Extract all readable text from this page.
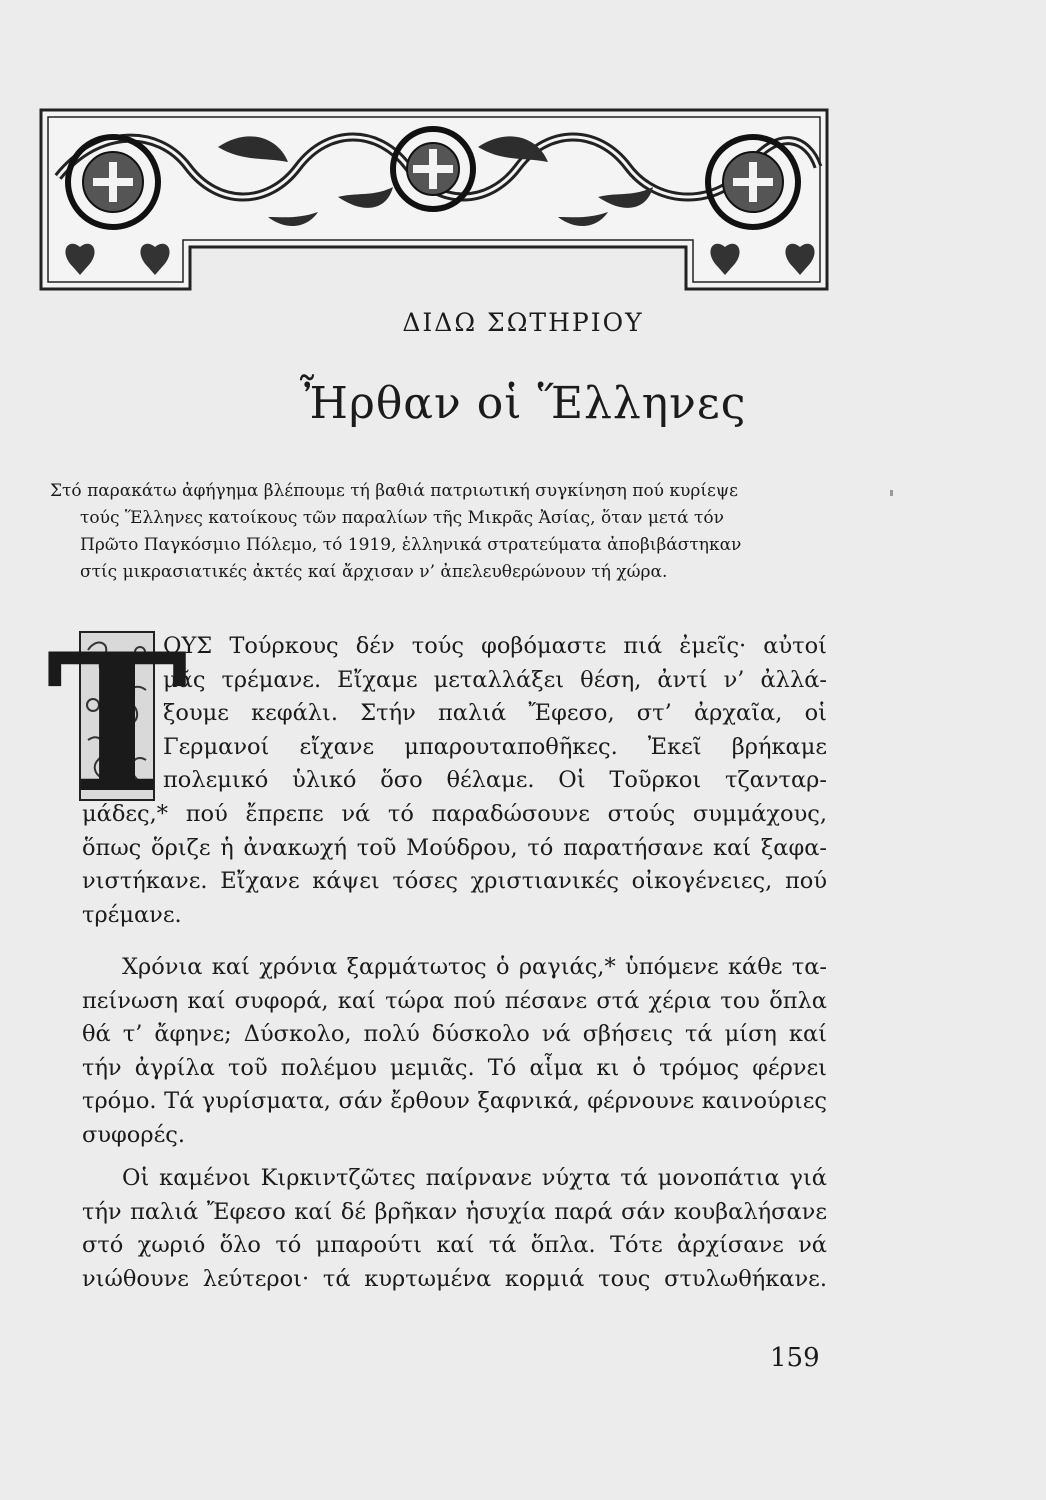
ΔΙΔΩ ΣΩΤΗΡΙΟΥ
Ἦρθαν οἱ Ἕλληνες
Στό παρακάτω ἀφήγημα βλέπουμε τή βαθιά πατριωτική συγκίνηση πού κυρίεψε
τούς Ἕλληνες κατοίκους τῶν παραλίων τῆς Μικρᾶς Ἀσίας, ὅταν μετά τόν
Πρῶτο Παγκόσμιο Πόλεμο, τό 1919, ἑλληνικά στρατεύματα ἀποβιβάστηκαν
στίς μικρασιατικές ἀκτές καί ἄρχισαν ν’ ἀπελευθερώνουν τή χώρα.
Τ
ΟΥΣ Τούρκους δέν τούς φοβόμαστε πιά ἐμεῖς· αὐτοί
μᾶς τρέμανε. Εἴχαμε μεταλλάξει θέση, ἀντί ν’ ἀλλά-
ξουμε κεφάλι. Στήν παλιά Ἔφεσο, στ’ ἀρχαῖα, οἱ
Γερμανοί εἴχανε μπαρουταποθῆκες. Ἐκεῖ βρήκαμε
πολεμικό ὑλικό ὅσο θέλαμε. Οἱ Τοῦρκοι τζανταρ-
μάδες,* πού ἔπρεπε νά τό παραδώσουνε στούς συμμάχους,
ὅπως ὅριζε ἡ ἀνακωχή τοῦ Μούδρου, τό παρατήσανε καί ξαφα-
νιστήκανε. Εἴχανε κάψει τόσες χριστιανικές οἰκογένειες, πού
τρέμανε.
Χρόνια καί χρόνια ξαρμάτωτος ὁ ραγιάς,* ὑπόμενε κάθε τα-
πείνωση καί συφορά, καί τώρα πού πέσανε στά χέρια του ὅπλα
θά τ’ ἄφηνε; Δύσκολο, πολύ δύσκολο νά σβήσεις τά μίση καί
τήν ἀγρίλα τοῦ πολέμου μεμιᾶς. Τό αἷμα κι ὁ τρόμος φέρνει
τρόμο. Τά γυρίσματα, σάν ἔρθουν ξαφνικά, φέρνουνε καινούριες
συφορές.
Οἱ καμένοι Κιρκιντζῶτες παίρνανε νύχτα τά μονοπάτια γιά
τήν παλιά Ἔφεσο καί δέ βρῆκαν ἡσυχία παρά σάν κουβαλήσανε
στό χωριό ὅλο τό μπαρούτι καί τά ὅπλα. Τότε ἀρχίσανε νά
νιώθουνε λεύτεροι· τά κυρτωμένα κορμιά τους στυλωθήκανε.
159
